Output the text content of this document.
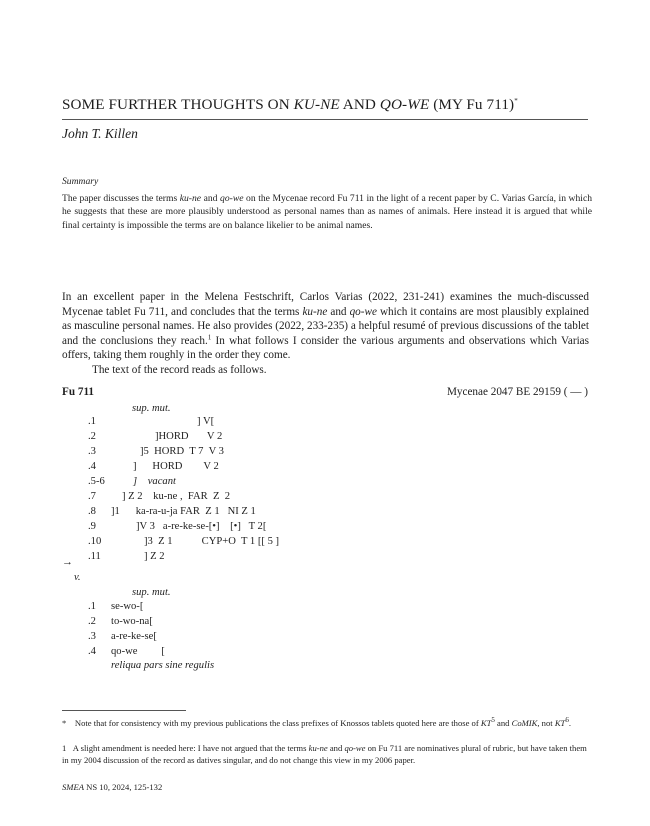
SOME FURTHER THOUGHTS ON KU-NE AND QO-WE (MY Fu 711)*
John T. Killen
Summary
The paper discusses the terms ku-ne and qo-we on the Mycenae record Fu 711 in the light of a recent paper by C. Varias García, in which he suggests that these are more plausibly understood as personal names than as names of animals. Here instead it is argued that while final certainty is impossible the terms are on balance likelier to be animal names.

In an excellent paper in the Melena Festschrift, Carlos Varias (2022, 231-241) examines the much-discussed Mycenae tablet Fu 711, and concludes that the terms ku-ne and qo-we which it contains are most plausibly explained as masculine personal names. He also provides (2022, 233-235) a helpful resumé of previous discussions of the tablet and the conclusions they reach.$^1$ In what follows I consider the various arguments and observations which Varias offers, taking them roughly in the order they come.

The text of the record reads as follows.

Fu 711	Mycenae 2047 BE 29159 ( — )
sup. mut.
.1	] V[
.2	]HORD       V 2
.3	]5  HORD  T 7  V 3
.4	]      HORD        V 2
.5-6	]    vacant
.7 ] Z 2    ku-ne ,  FAR  Z  2
.8 ]1      ka-ra-u-ja FAR  Z 1   NI Z 1
.9	]V 3   a-re-ke-se-[•]    [•]   T 2[
.10	]3  Z 1           CYP+O  T 1 [[ 5 ]
.11	] Z 2
→
v.
sup. mut.
.1 se-wo-[
.2 to-wo-na[
.3 a-re-ke-se[
.4 qo-we         [
reliqua pars sine regulis
* Note that for consistency with my previous publications the class prefixes of Knossos tablets quoted here are those of $KT^5$ and CoMIK, not $KT^6$.
1 A slight amendment is needed here: I have not argued that the terms ku-ne and qo-we on Fu 711 are nominatives plural of rubric, but have taken them in my 2004 discussion of the record as datives singular, and do not change this view in my 2006 paper.
SMEA NS 10, 2024, 125-132
